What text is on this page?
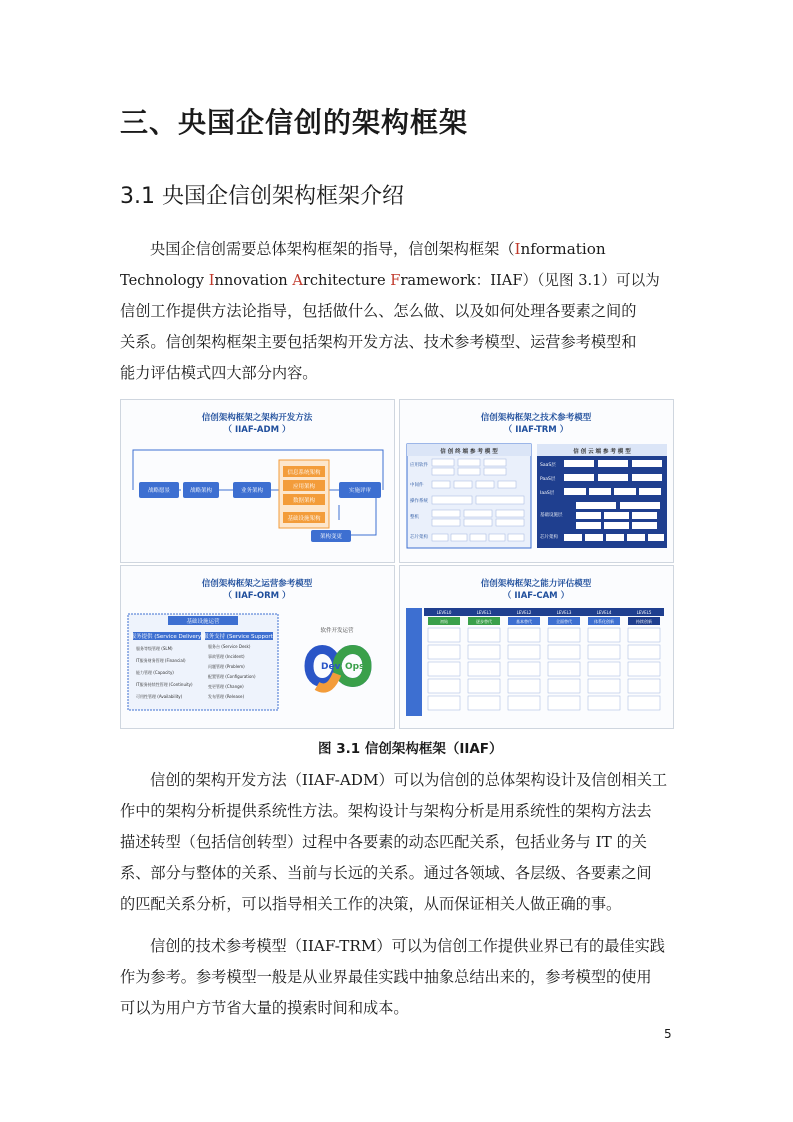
三、央国企信创的架构框架
3.1 央国企信创架构框架介绍
央国企信创需要总体架构框架的指导，信创架构框架（Information
Technology Innovation Architecture Framework：IIAF）（见图 3.1）可以为
信创工作提供方法论指导，包括做什么、怎么做、以及如何处理各要素之间的
关系。信创架构框架主要包括架构开发方法、技术参考模型、运营参考模型和
能力评估模式四大部分内容。
信创架构框架之架构开发方法
（ IIAF-ADM ）
战略愿景	战略架构	业务架构
信息系统架构
应用架构
数据架构
基础设施架构
实施评审
架构变更
信创架构框架之技术参考模型
（ IIAF-TRM ）
信 创 终 端 参 考 模 型
应用软件
中间件
操作系统
整机
芯片架构
信 创 云 端 参 考 模 型
SaaS层
PaaS层
IaaS层
基础设施层
芯片架构
信创架构框架之运营参考模型
（ IIAF-ORM ）
基础设施运营
服务提供 (Service Delivery) 服务支持 (Service Support)
服务等级管理 (SLM)
IT服务财务管理 (Financial)
能力管理 (Capacity)
IT服务持续性管理 (Continuity)
可用性管理 (Availability)
服务台 (Service Desk)
事故管理 (Incident)
问题管理 (Problem)
配置管理 (Configuration)
变更管理 (Change)
发布管理 (Release)
软件开发运营
Dev Ops
信创架构框架之能力评估模型
（ IIAF-CAM ）
LEVEL0	LEVEL1	LEVEL2	LEVEL3	LEVEL4	LEVEL5
初始	逐步替代	基本替代	全面替代	体系化创新	持续创新
图 3.1 信创架构框架（IIAF）
信创的架构开发方法（IIAF-ADM）可以为信创的总体架构设计及信创相关工
作中的架构分析提供系统性方法。架构设计与架构分析是用系统性的架构方法去
描述转型（包括信创转型）过程中各要素的动态匹配关系，包括业务与 IT 的关
系、部分与整体的关系、当前与长远的关系。通过各领域、各层级、各要素之间
的匹配关系分析，可以指导相关工作的决策，从而保证相关人做正确的事。
信创的技术参考模型（IIAF-TRM）可以为信创工作提供业界已有的最佳实践
作为参考。参考模型一般是从业界最佳实践中抽象总结出来的，参考模型的使用
可以为用户方节省大量的摸索时间和成本。
5
